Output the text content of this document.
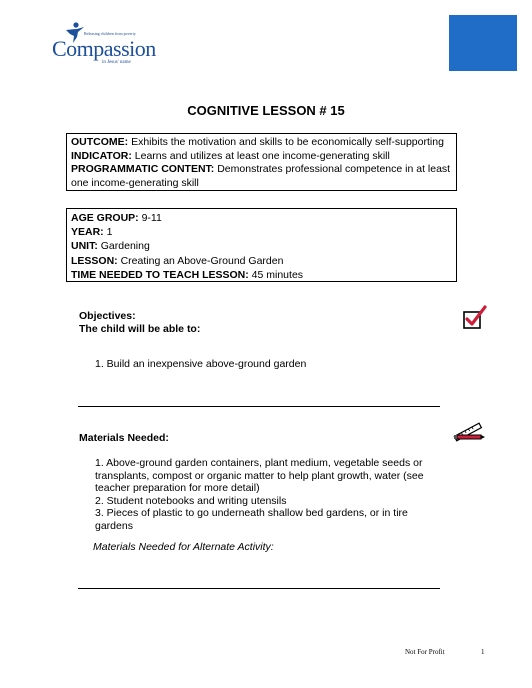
Releasing children from poverty
Compassion
in Jesus' name
COGNITIVE LESSON # 15
OUTCOME: Exhibits the motivation and skills to be economically self-supporting
INDICATOR: Learns and utilizes at least one income-generating skill
PROGRAMMATIC CONTENT: Demonstrates professional competence in at least one income-generating skill
AGE GROUP: 9-11
YEAR: 1
UNIT: Gardening
LESSON: Creating an Above-Ground Garden
TIME NEEDED TO TEACH LESSON: 45 minutes
Objectives:
The child will be able to:
1. Build an inexpensive above-ground garden
Materials Needed:
1. Above-ground garden containers, plant medium, vegetable seeds or transplants, compost or organic matter to help plant growth, water (see teacher preparation for more detail)
2. Student notebooks and writing utensils
3. Pieces of plastic to go underneath shallow bed gardens, or in tire gardens
Materials Needed for Alternate Activity:
Not For Profit	1
